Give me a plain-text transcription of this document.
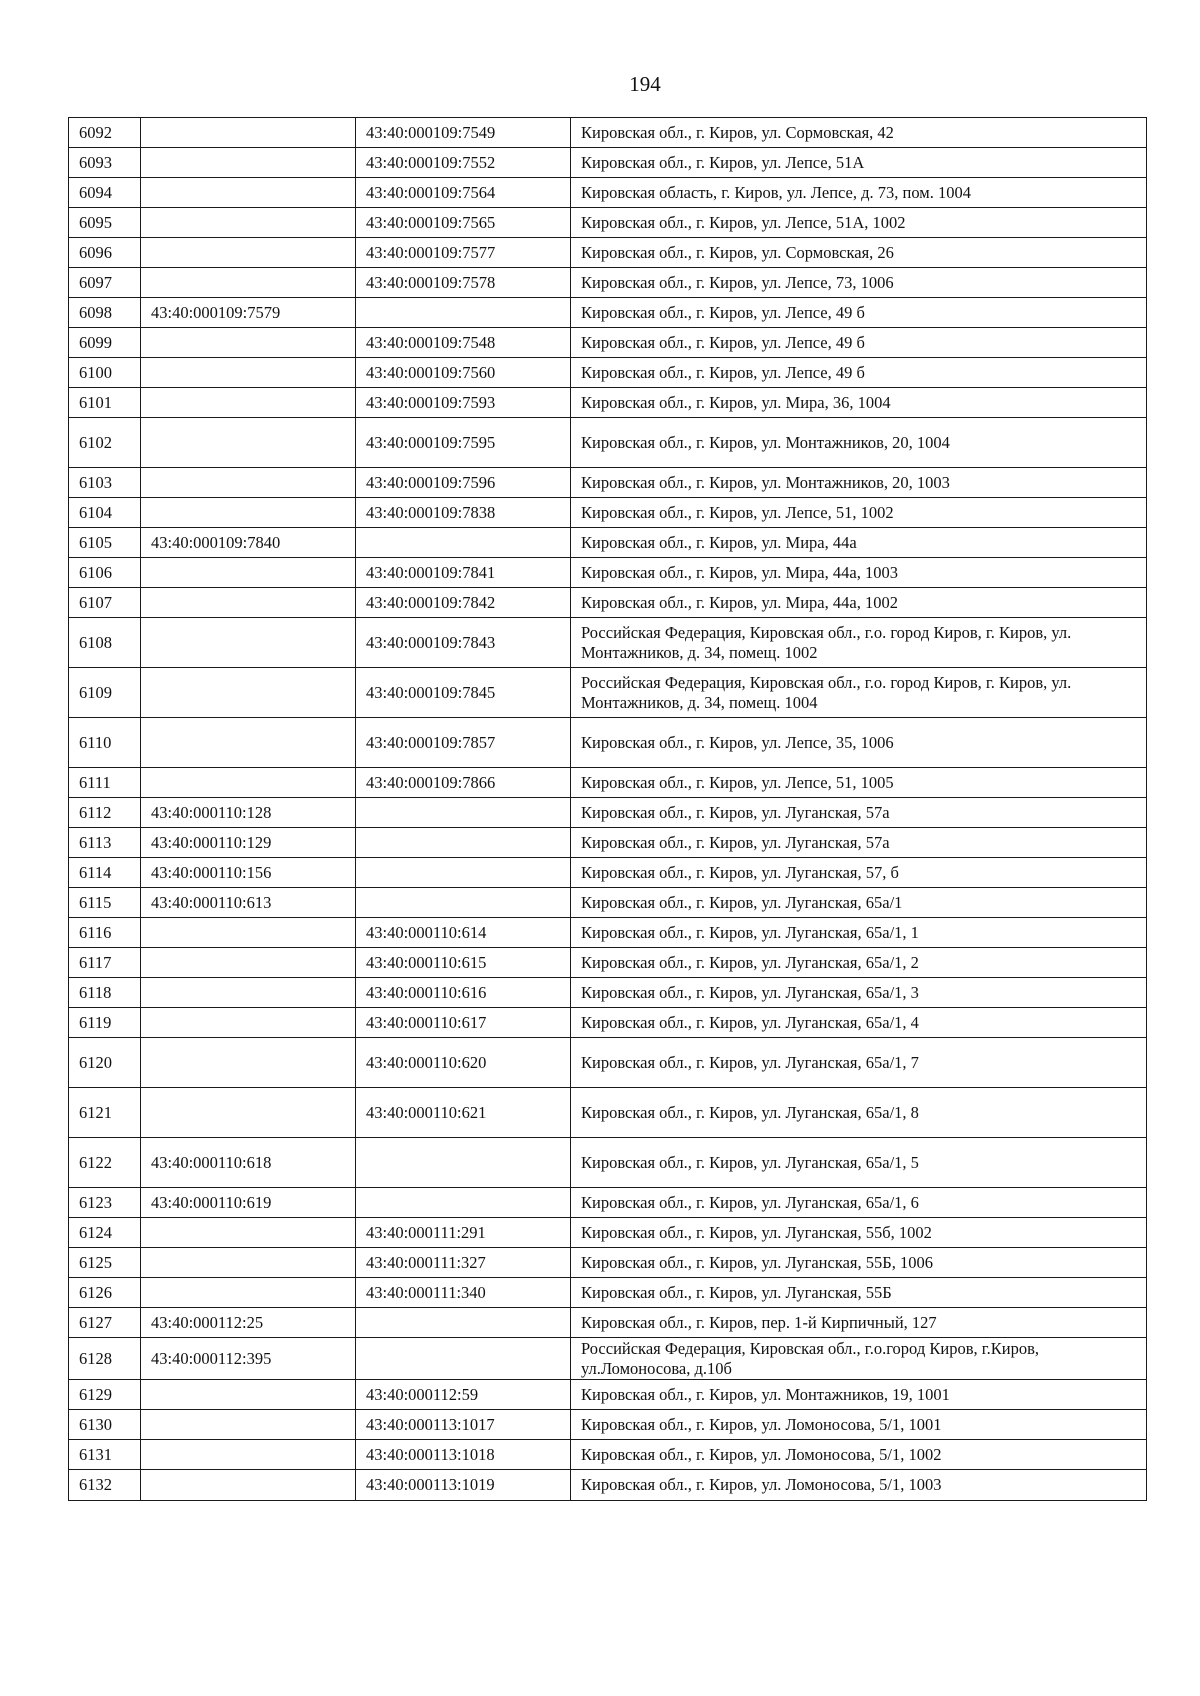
194
6092		43:40:000109:7549	Кировская обл., г. Киров, ул. Сормовская, 42
6093		43:40:000109:7552	Кировская обл., г. Киров, ул. Лепсе, 51А
6094		43:40:000109:7564	Кировская область, г. Киров, ул. Лепсе, д. 73, пом. 1004
6095		43:40:000109:7565	Кировская обл., г. Киров, ул. Лепсе, 51А, 1002
6096		43:40:000109:7577	Кировская обл., г. Киров, ул. Сормовская, 26
6097		43:40:000109:7578	Кировская обл., г. Киров, ул. Лепсе, 73, 1006
6098	43:40:000109:7579		Кировская обл., г. Киров, ул. Лепсе, 49 б
6099		43:40:000109:7548	Кировская обл., г. Киров, ул. Лепсе, 49 б
6100		43:40:000109:7560	Кировская обл., г. Киров, ул. Лепсе, 49 б
6101		43:40:000109:7593	Кировская обл., г. Киров, ул. Мира, 36, 1004
6102		43:40:000109:7595	Кировская обл., г. Киров, ул. Монтажников, 20, 1004
6103		43:40:000109:7596	Кировская обл., г. Киров, ул. Монтажников, 20, 1003
6104		43:40:000109:7838	Кировская обл., г. Киров, ул. Лепсе, 51, 1002
6105	43:40:000109:7840		Кировская обл., г. Киров, ул. Мира, 44а
6106		43:40:000109:7841	Кировская обл., г. Киров, ул. Мира, 44а, 1003
6107		43:40:000109:7842	Кировская обл., г. Киров, ул. Мира, 44а, 1002
6108		43:40:000109:7843	Российская Федерация, Кировская обл., г.о. город Киров, г. Киров, ул. Монтажников, д. 34, помещ. 1002
6109		43:40:000109:7845	Российская Федерация, Кировская обл., г.о. город Киров, г. Киров, ул. Монтажников, д. 34, помещ. 1004
6110		43:40:000109:7857	Кировская обл., г. Киров, ул. Лепсе, 35, 1006
6111		43:40:000109:7866	Кировская обл., г. Киров, ул. Лепсе, 51, 1005
6112	43:40:000110:128		Кировская обл., г. Киров, ул. Луганская, 57а
6113	43:40:000110:129		Кировская обл., г. Киров, ул. Луганская, 57а
6114	43:40:000110:156		Кировская обл., г. Киров, ул. Луганская, 57, б
6115	43:40:000110:613		Кировская обл., г. Киров, ул. Луганская, 65а/1
6116		43:40:000110:614	Кировская обл., г. Киров, ул. Луганская, 65а/1, 1
6117		43:40:000110:615	Кировская обл., г. Киров, ул. Луганская, 65а/1, 2
6118		43:40:000110:616	Кировская обл., г. Киров, ул. Луганская, 65а/1, 3
6119		43:40:000110:617	Кировская обл., г. Киров, ул. Луганская, 65а/1, 4
6120		43:40:000110:620	Кировская обл., г. Киров, ул. Луганская, 65а/1, 7
6121		43:40:000110:621	Кировская обл., г. Киров, ул. Луганская, 65а/1, 8
6122	43:40:000110:618		Кировская обл., г. Киров, ул. Луганская, 65а/1, 5
6123	43:40:000110:619		Кировская обл., г. Киров, ул. Луганская, 65а/1, 6
6124		43:40:000111:291	Кировская обл., г. Киров, ул. Луганская, 55б, 1002
6125		43:40:000111:327	Кировская обл., г. Киров, ул. Луганская, 55Б, 1006
6126		43:40:000111:340	Кировская обл., г. Киров, ул. Луганская, 55Б
6127	43:40:000112:25		Кировская обл., г. Киров, пер. 1-й Кирпичный, 127
6128	43:40:000112:395		Российская Федерация, Кировская обл., г.о.город Киров, г.Киров, ул.Ломоносова, д.10б
6129		43:40:000112:59	Кировская обл., г. Киров, ул. Монтажников, 19, 1001
6130		43:40:000113:1017	Кировская обл., г. Киров, ул. Ломоносова, 5/1, 1001
6131		43:40:000113:1018	Кировская обл., г. Киров, ул. Ломоносова, 5/1, 1002
6132		43:40:000113:1019	Кировская обл., г. Киров, ул. Ломоносова, 5/1, 1003
